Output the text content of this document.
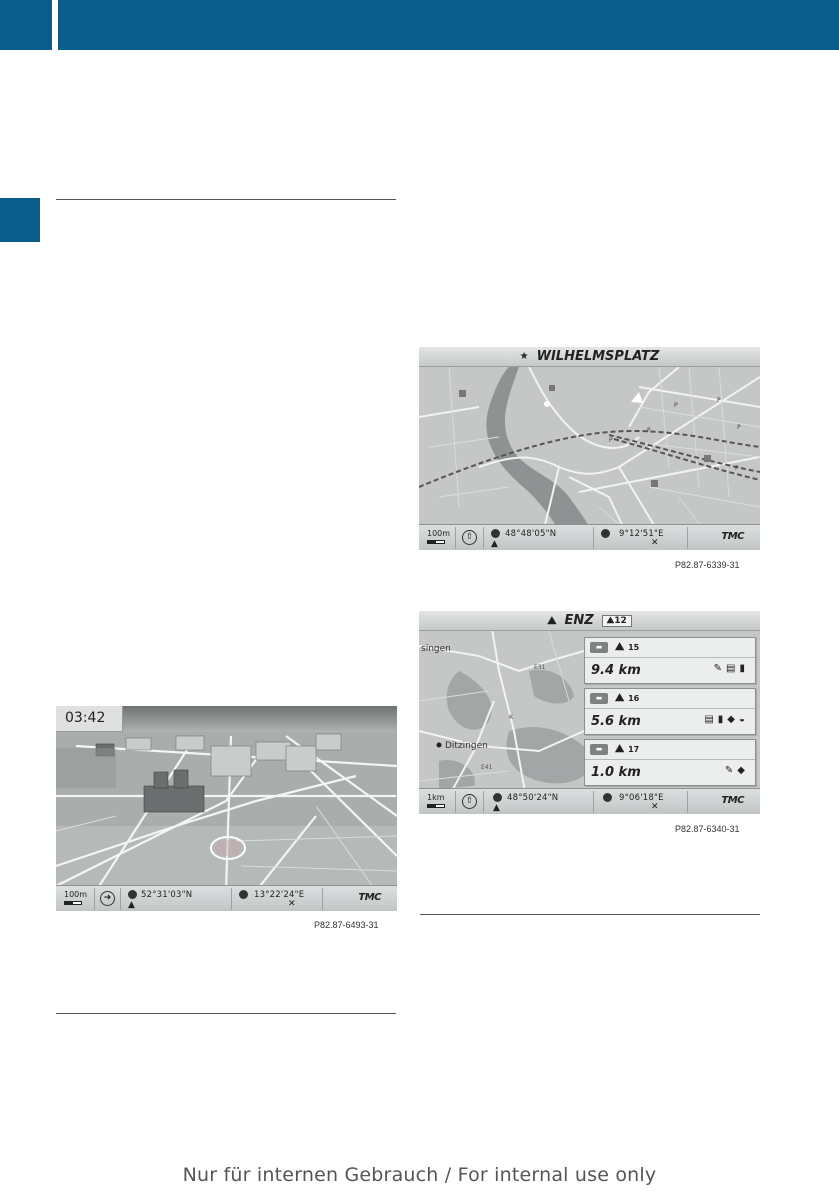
03:42
100m	➜	52°31'03"N
▲
13°22'24"E
✕
TMC
P82.87-6493-31
P
P
P
P
P
P
★ WILHELMSPLATZ
100m	⇧	48°48'05"N
▲
9°12'51"E
✕
TMC
P82.87-6339-31
E31
E41
K
singen
Ditzingen
⛰ ENZ	⛰12
▬	⛰ 15
9.4 km	✎▤▮
▬	⛰ 16
5.6 km	▤▮◆◒
▬	⛰ 17
1.0 km	✎◆
1km	⇧	48°50'24"N
▲
9°06'18"E
✕
TMC
P82.87-6340-31
Nur für internen Gebrauch / For internal use only
